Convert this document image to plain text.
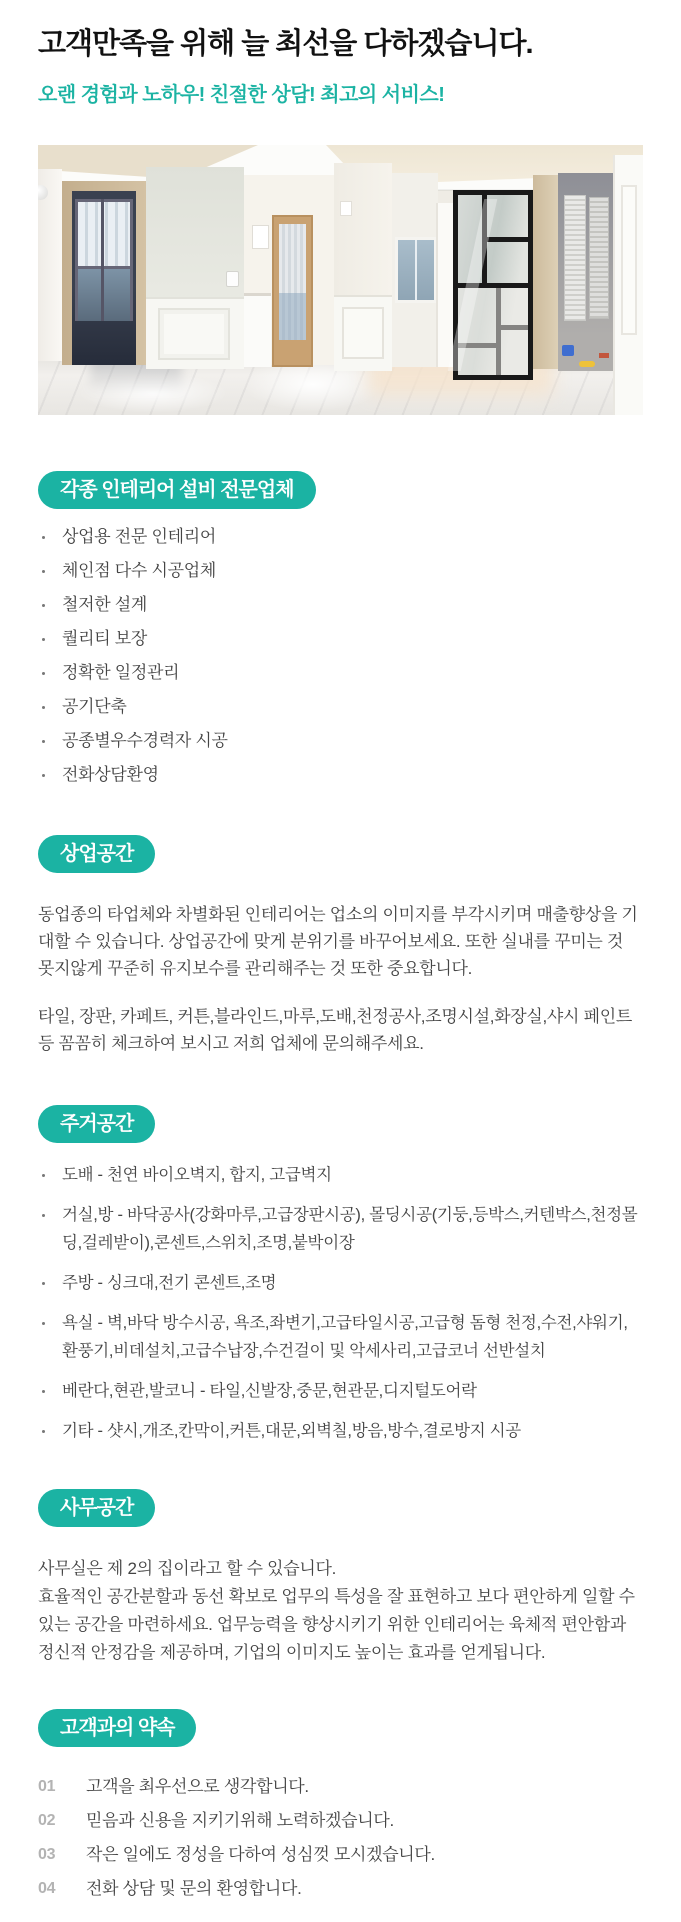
고객만족을 위해 늘 최선을 다하겠습니다.
오랜 경험과 노하우! 친절한 상담! 최고의 서비스!
각종 인테리어 설비 전문업체
상업용 전문 인테리어
체인점 다수 시공업체
철저한 설계
퀄리티 보장
정확한 일정관리
공기단축
공종별우수경력자 시공
전화상담환영
상업공간

동업종의 타업체와 차별화된 인테리어는 업소의 이미지를 부각시키며 매출향상을 기대할 수 있습니다. 상업공간에 맞게 분위기를 바꾸어보세요. 또한 실내를 꾸미는 것 못지않게 꾸준히 유지보수를 관리해주는 것 또한 중요합니다.

타일, 장판, 카페트, 커튼,블라인드,마루,도배,천정공사,조명시설,화장실,샤시 페인트 등 꼼꼼히 체크하여 보시고 저희 업체에 문의해주세요.

주거공간
도배 - 천연 바이오벽지, 합지, 고급벽지
거실,방 - 바닥공사(강화마루,고급장판시공), 몰딩시공(기둥,등박스,커텐박스,천정몰딩,걸레받이),콘센트,스위치,조명,붙박이장
주방 - 싱크대,전기 콘센트,조명
욕실 - 벽,바닥 방수시공, 욕조,좌변기,고급타일시공,고급형 돔형 천정,수전,샤워기,환풍기,비데설치,고급수납장,수건걸이 및 악세사리,고급코너 선반설치
베란다,현관,발코니 - 타일,신발장,중문,현관문,디지털도어락
기타 - 샷시,개조,칸막이,커튼,대문,외벽칠,방음,방수,결로방지 시공
사무공간

사무실은 제 2의 집이라고 할 수 있습니다.

효율적인 공간분할과 동선 확보로 업무의 특성을 잘 표현하고 보다 편안하게 일할 수 있는 공간을 마련하세요. 업무능력을 향상시키기 위한 인테리어는 육체적 편안함과 정신적 안정감을 제공하며, 기업의 이미지도 높이는 효과를 얻게됩니다.

고객과의 약속
01 고객을 최우선으로 생각합니다.
02 믿음과 신용을 지키기위해 노력하겠습니다.
03 작은 일에도 정성을 다하여 성심껏 모시겠습니다.
04 전화 상담 및 문의 환영합니다.
